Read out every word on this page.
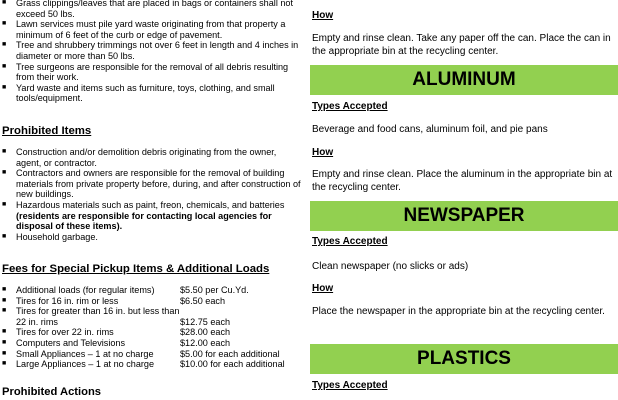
■ Grass clippings/leaves that are placed in bags or containers shall not exceed 50 lbs.
■ Lawn services must pile yard waste originating from that property a minimum of 6 feet of the curb or edge of pavement.
■ Tree and shrubbery trimmings not over 6 feet in length and 4 inches in diameter or more than 50 lbs.
■ Tree surgeons are responsible for the removal of all debris resulting from their work.
■ Yard waste and items such as furniture, toys, clothing, and small tools/equipment.
Prohibited Items
■ Construction and/or demolition debris originating from the owner, agent, or contractor.
■ Contractors and owners are responsible for the removal of building materials from private property before, during, and after construction of new buildings.
■ Hazardous materials such as paint, freon, chemicals, and batteries (residents are responsible for contacting local agencies for disposal of these items).
■ Household garbage.
Fees for Special Pickup Items & Additional Loads
■ Additional loads (for regular items)	$5.50 per Cu.Yd.
■ Tires for 16 in. rim or less	$6.50 each
■ Tires for greater than 16 in. but less than 22 in. rims	$12.75 each
■ Tires for over 22 in. rims	$28.00 each
■ Computers and Televisions	$12.00 each
■ Small Appliances – 1 at no charge	$5.00 for each additional
■ Large Appliances – 1 at no charge	$10.00 for each additional
Prohibited Actions
How
Empty and rinse clean. Take any paper off the can. Place the can in the appropriate bin at the recycling center.
ALUMINUM
Types Accepted
Beverage and food cans, aluminum foil, and pie pans
How
Empty and rinse clean. Place the aluminum in the appropriate bin at the recycling center.
NEWSPAPER
Types Accepted
Clean newspaper (no slicks or ads)
How
Place the newspaper in the appropriate bin at the recycling center.
PLASTICS
Types Accepted
